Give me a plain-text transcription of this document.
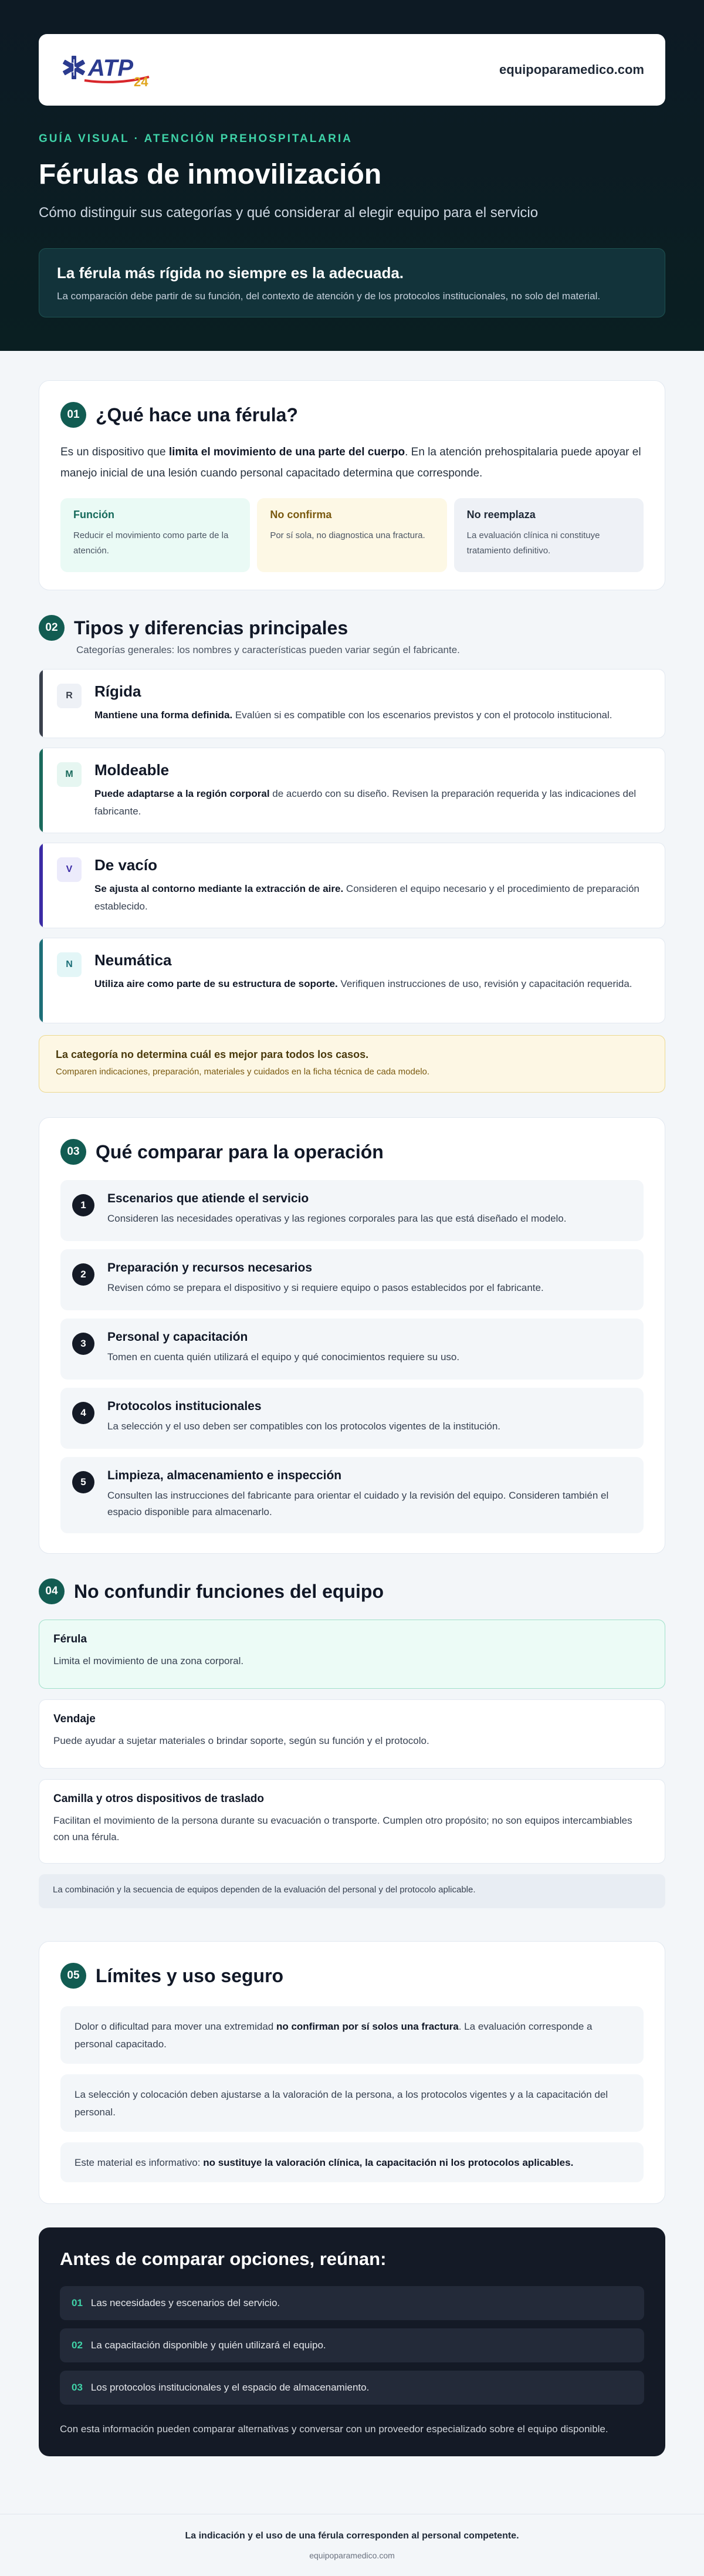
ATP
24
equipoparamedico.com
GUÍA VISUAL · ATENCIÓN PREHOSPITALARIA
Férulas de inmovilización
Cómo distinguir sus categorías y qué considerar al elegir equipo para el servicio
La férula más rígida no siempre es la adecuada.
La comparación debe partir de su función, del contexto de atención y de los protocolos institucionales, no solo del material.
01 ¿Qué hace una férula?

Es un dispositivo que limita el movimiento de una parte del cuerpo. En la atención prehospitalaria puede apoyar el manejo inicial de una lesión cuando personal capacitado determina que corresponde.

Función
Reducir el movimiento como parte de la atención.
No confirma
Por sí sola, no diagnostica una fractura.
No reemplaza
La evaluación clínica ni constituye tratamiento definitivo.
02 Tipos y diferencias principales
Categorías generales: los nombres y características pueden variar según el fabricante.
R	Rígida
Mantiene una forma definida. Evalúen si es compatible con los escenarios previstos y con el protocolo institucional.
M	Moldeable
Puede adaptarse a la región corporal de acuerdo con su diseño. Revisen la preparación requerida y las indicaciones del fabricante.
V	De vacío
Se ajusta al contorno mediante la extracción de aire. Consideren el equipo necesario y el procedimiento de preparación establecido.
N	Neumática
Utiliza aire como parte de su estructura de soporte. Verifiquen instrucciones de uso, revisión y capacitación requerida.
La categoría no determina cuál es mejor para todos los casos.
Comparen indicaciones, preparación, materiales y cuidados en la ficha técnica de cada modelo.
03 Qué comparar para la operación
1	Escenarios que atiende el servicio
Consideren las necesidades operativas y las regiones corporales para las que está diseñado el modelo.
2	Preparación y recursos necesarios
Revisen cómo se prepara el dispositivo y si requiere equipo o pasos establecidos por el fabricante.
3	Personal y capacitación
Tomen en cuenta quién utilizará el equipo y qué conocimientos requiere su uso.
4	Protocolos institucionales
La selección y el uso deben ser compatibles con los protocolos vigentes de la institución.
5	Limpieza, almacenamiento e inspección
Consulten las instrucciones del fabricante para orientar el cuidado y la revisión del equipo. Consideren también el espacio disponible para almacenarlo.
04 No confundir funciones del equipo
Férula
Limita el movimiento de una zona corporal.
Vendaje
Puede ayudar a sujetar materiales o brindar soporte, según su función y el protocolo.
Camilla y otros dispositivos de traslado
Facilitan el movimiento de la persona durante su evacuación o transporte. Cumplen otro propósito; no son equipos intercambiables con una férula.
La combinación y la secuencia de equipos dependen de la evaluación del personal y del protocolo aplicable.
05 Límites y uso seguro
Dolor o dificultad para mover una extremidad no confirman por sí solos una fractura. La evaluación corresponde a personal capacitado.
La selección y colocación deben ajustarse a la valoración de la persona, a los protocolos vigentes y a la capacitación del personal.
Este material es informativo: no sustituye la valoración clínica, la capacitación ni los protocolos aplicables.
Antes de comparar opciones, reúnan:
01 Las necesidades y escenarios del servicio.
02 La capacitación disponible y quién utilizará el equipo.
03 Los protocolos institucionales y el espacio de almacenamiento.
Con esta información pueden comparar alternativas y conversar con un proveedor especializado sobre el equipo disponible.
La indicación y el uso de una férula corresponden al personal competente.
equipoparamedico.com
